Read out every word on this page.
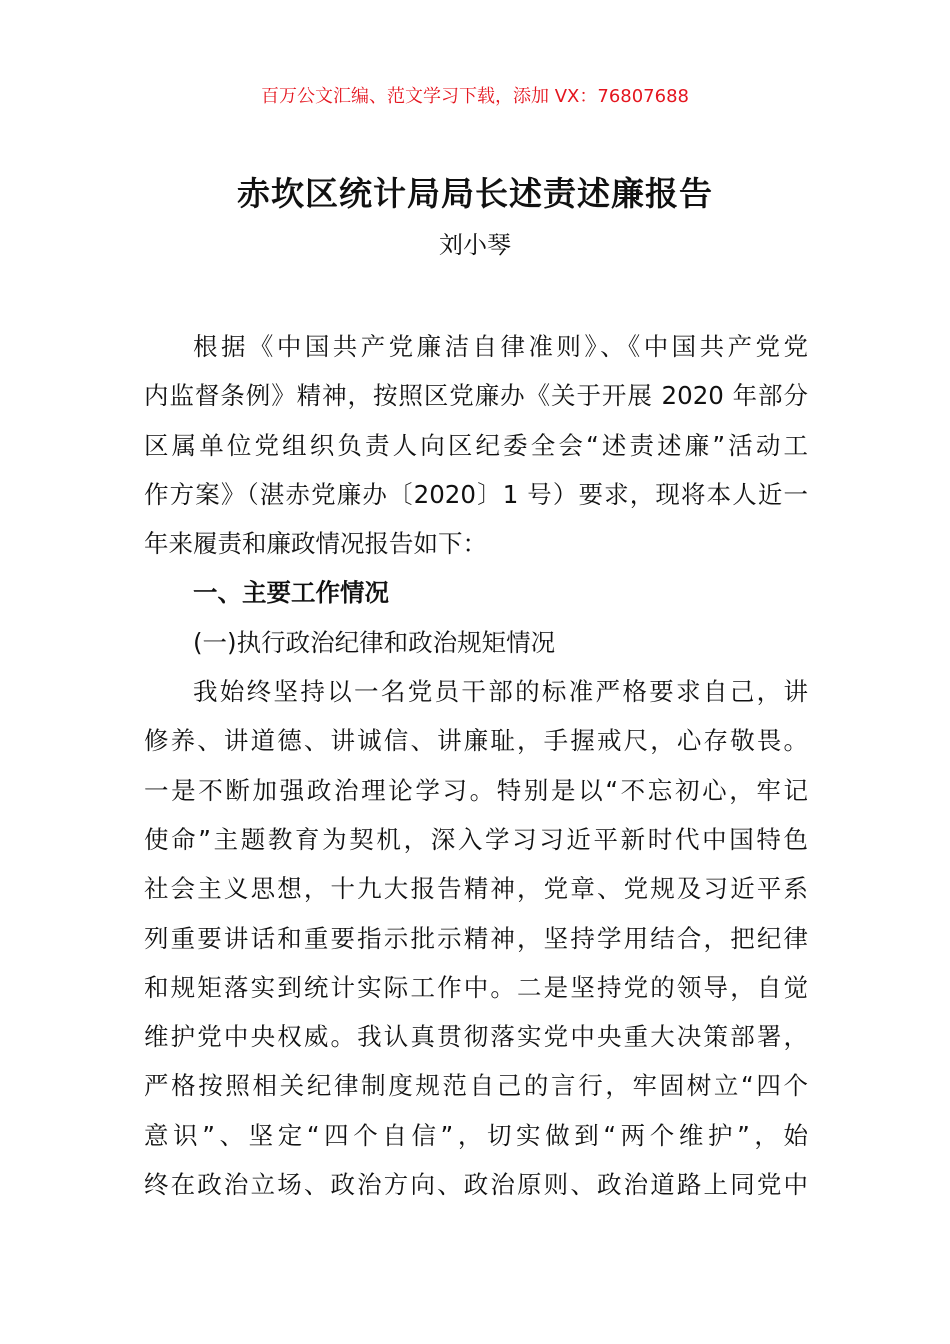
百万公文汇编、范文学习下载，添加 VX：76807688
赤坎区统计局局长述责述廉报告
刘小琴
根据《中国共产党廉洁自律准则》、《中国共产党党
内监督条例》精神，按照区党廉办《关于开展 2020 年部分
区属单位党组织负责人向区纪委全会“述责述廉”活动工
作方案》（湛赤党廉办〔2020〕1 号）要求，现将本人近一
年来履责和廉政情况报告如下：
一、主要工作情况
(一)执行政治纪律和政治规矩情况
我始终坚持以一名党员干部的标准严格要求自己，讲
修养、讲道德、讲诚信、讲廉耻，手握戒尺，心存敬畏。
一是不断加强政治理论学习。特别是以“不忘初心，牢记
使命”主题教育为契机，深入学习习近平新时代中国特色
社会主义思想，十九大报告精神，党章、党规及习近平系
列重要讲话和重要指示批示精神，坚持学用结合，把纪律
和规矩落实到统计实际工作中。二是坚持党的领导，自觉
维护党中央权威。我认真贯彻落实党中央重大决策部署，
严格按照相关纪律制度规范自己的言行，牢固树立“四个
意识”、坚定“四个自信”，切实做到“两个维护”，始
终在政治立场、政治方向、政治原则、政治道路上同党中
